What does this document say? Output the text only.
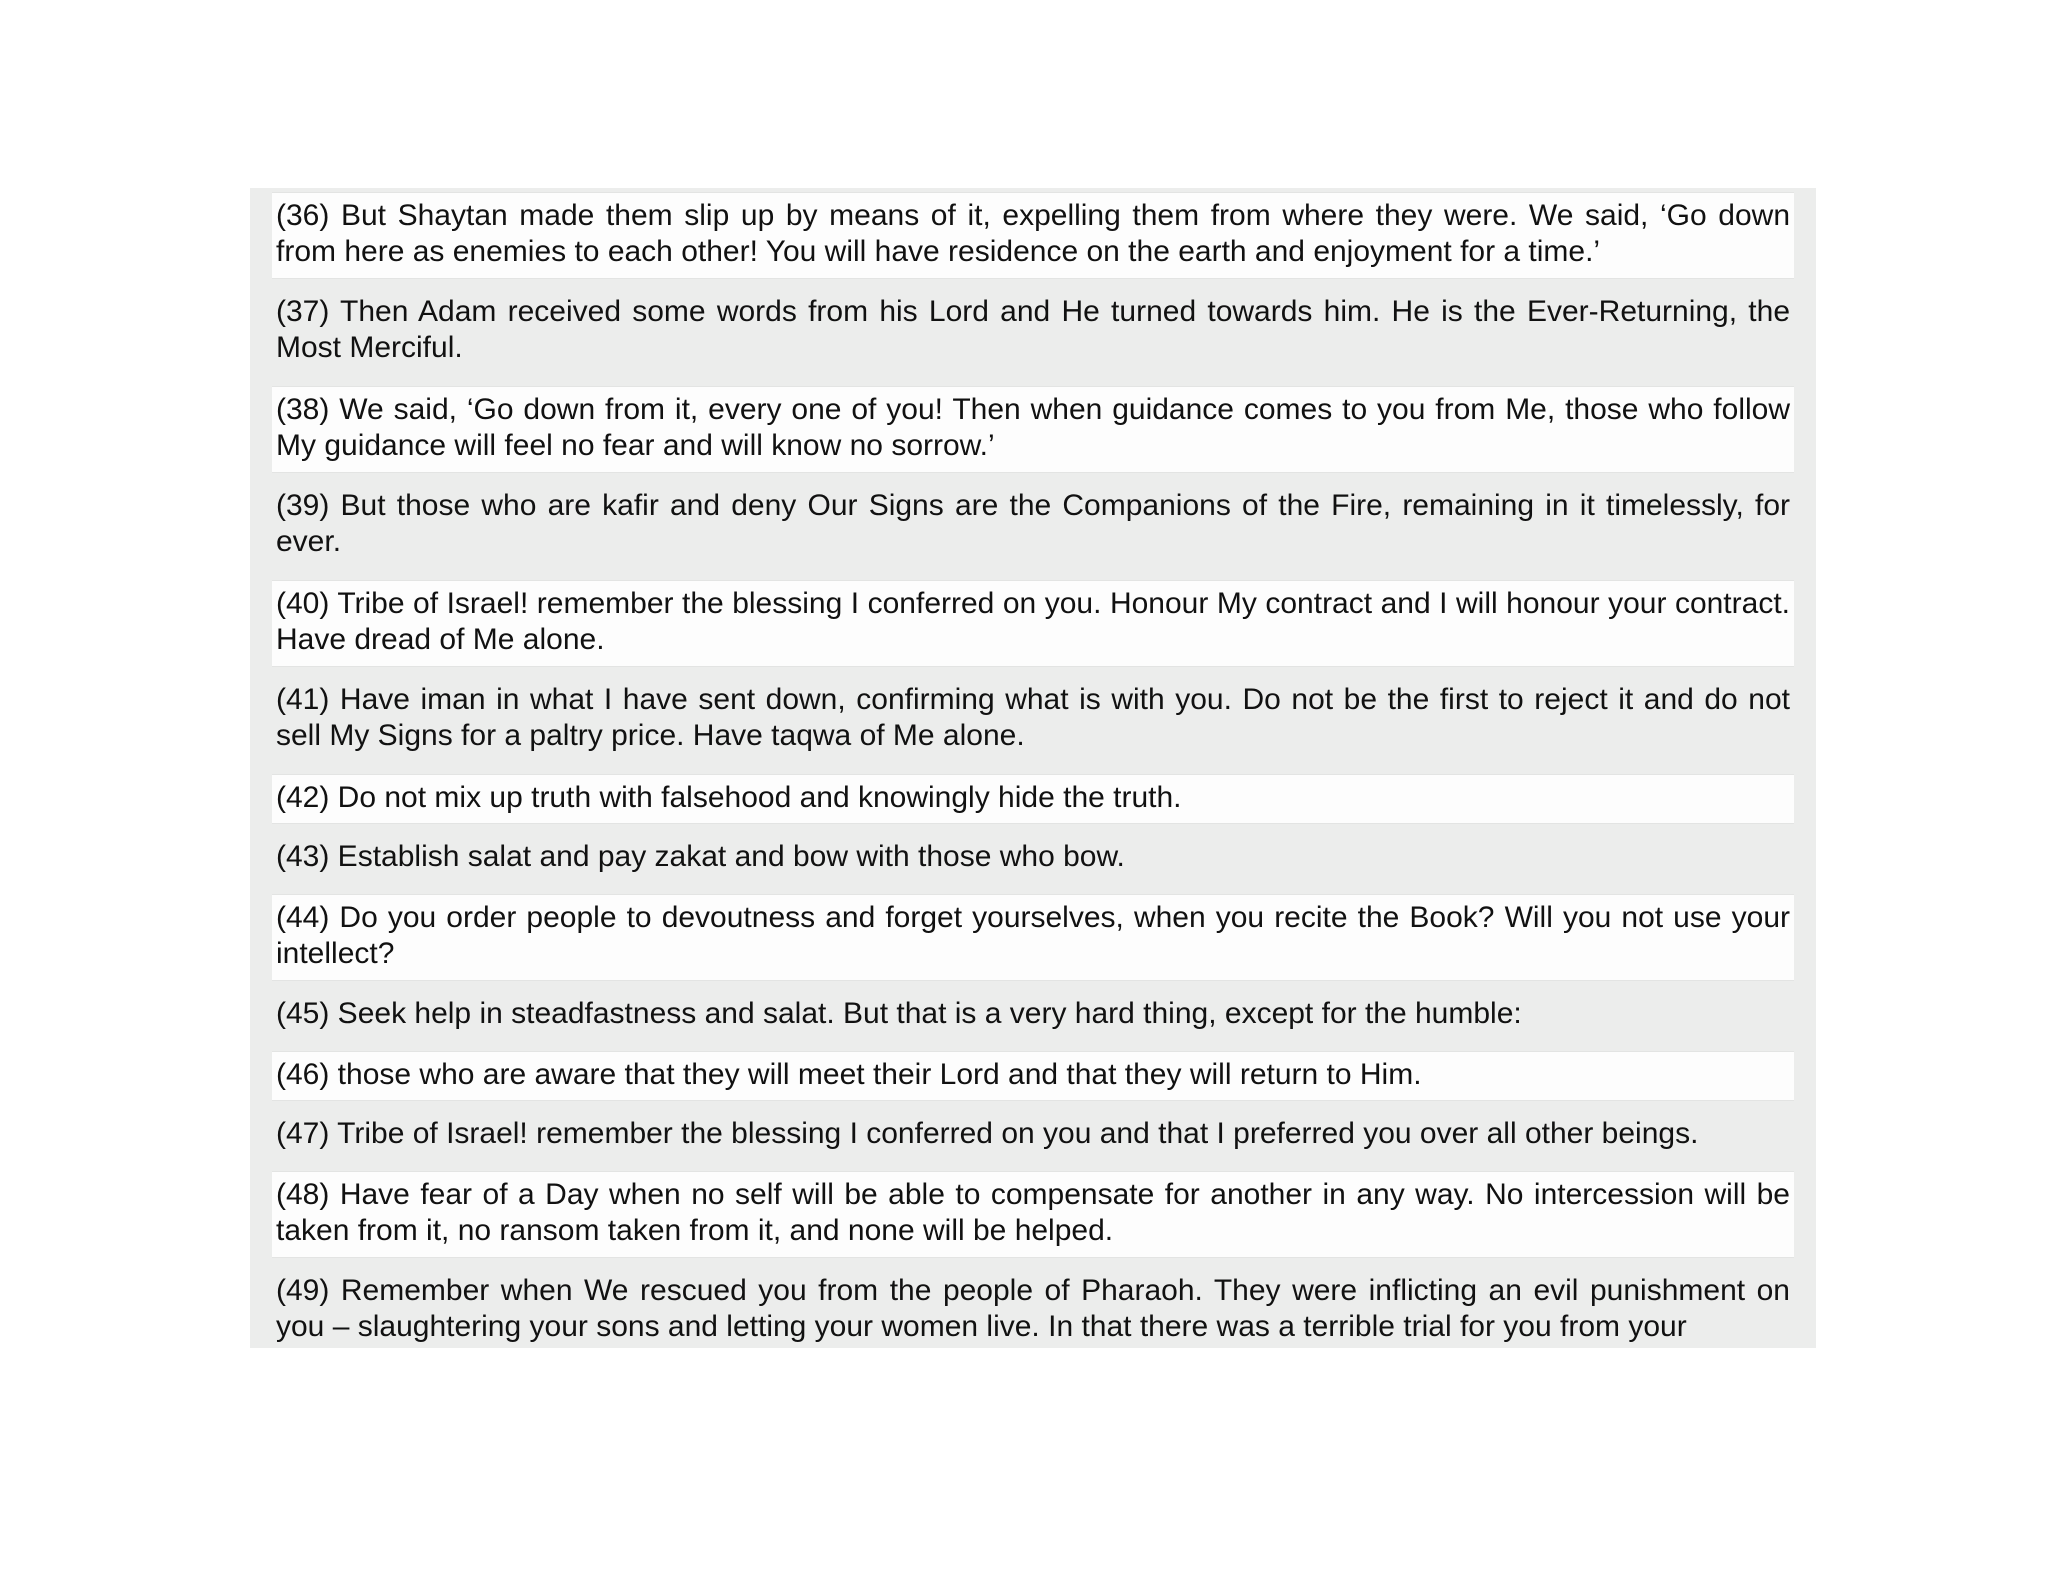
(36) But Shaytan made them slip up by means of it, expelling them from where they were. We said, ‘Go down from here as enemies to each other! You will have residence on the earth and enjoyment for a time.’
(37) Then Adam received some words from his Lord and He turned towards him. He is the Ever-Returning, the Most Merciful.
(38) We said, ‘Go down from it, every one of you! Then when guidance comes to you from Me, those who follow My guidance will feel no fear and will know no sorrow.’
(39) But those who are kafir and deny Our Signs are the Companions of the Fire, remaining in it timelessly, for ever.
(40) Tribe of Israel! remember the blessing I conferred on you. Honour My contract and I will honour your contract. Have dread of Me alone.
(41) Have iman in what I have sent down, confirming what is with you. Do not be the first to reject it and do not sell My Signs for a paltry price. Have taqwa of Me alone.
(42) Do not mix up truth with falsehood and knowingly hide the truth.
(43) Establish salat and pay zakat and bow with those who bow.
(44) Do you order people to devoutness and forget yourselves, when you recite the Book? Will you not use your intellect?
(45) Seek help in steadfastness and salat. But that is a very hard thing, except for the humble:
(46) those who are aware that they will meet their Lord and that they will return to Him.
(47) Tribe of Israel! remember the blessing I conferred on you and that I preferred you over all other beings.
(48) Have fear of a Day when no self will be able to compensate for another in any way. No intercession will be taken from it, no ransom taken from it, and none will be helped.
(49) Remember when We rescued you from the people of Pharaoh. They were inflicting an evil punishment on you – slaughtering your sons and letting your women live. In that there was a terrible trial for you from your
